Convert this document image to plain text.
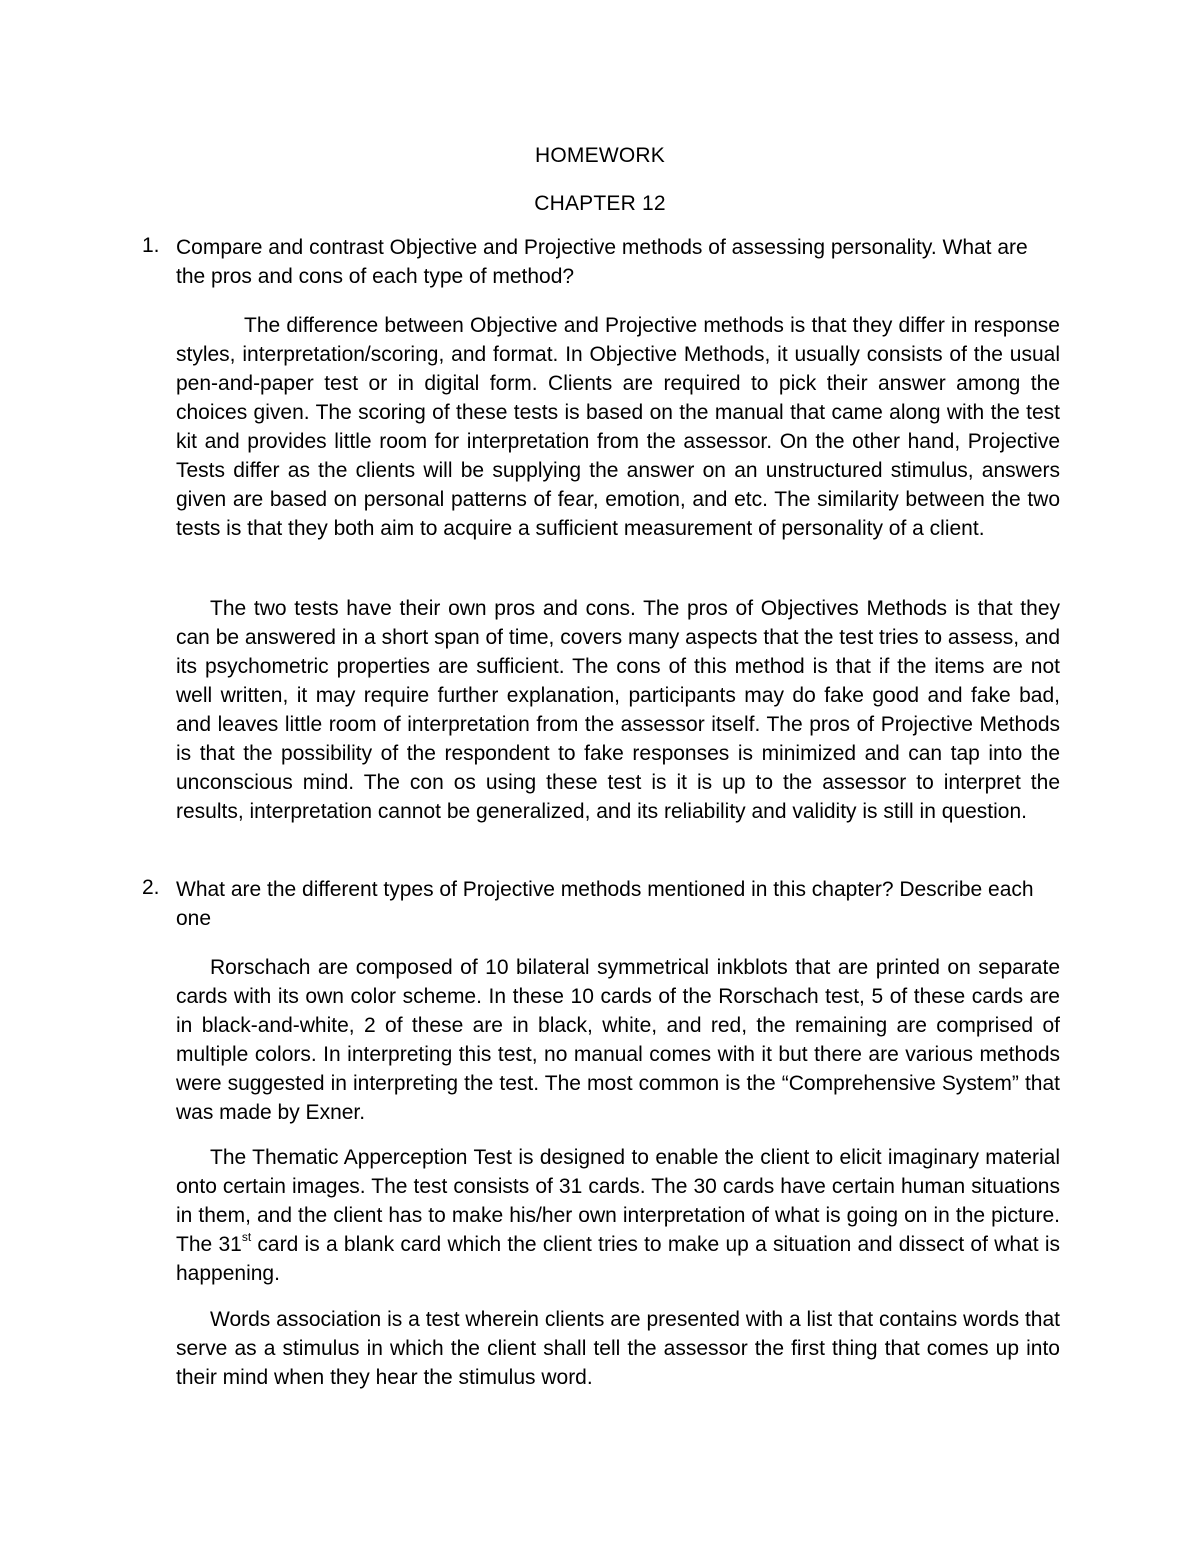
HOMEWORK
CHAPTER 12
1. Compare and contrast Objective and Projective methods of assessing personality. What are the pros and cons of each type of method?

The difference between Objective and Projective methods is that they differ in response styles, interpretation/scoring, and format. In Objective Methods, it usually consists of the usual pen-and-paper test or in digital form. Clients are required to pick their answer among the choices given. The scoring of these tests is based on the manual that came along with the test kit and provides little room for interpretation from the assessor. On the other hand, Projective Tests differ as the clients will be supplying the answer on an unstructured stimulus, answers given are based on personal patterns of fear, emotion, and etc. The similarity between the two tests is that they both aim to acquire a sufficient measurement of personality of a client.

The two tests have their own pros and cons. The pros of Objectives Methods is that they can be answered in a short span of time, covers many aspects that the test tries to assess, and its psychometric properties are sufficient. The cons of this method is that if the items are not well written, it may require further explanation, participants may do fake good and fake bad, and leaves little room of interpretation from the assessor itself. The pros of Projective Methods is that the possibility of the respondent to fake responses is minimized and can tap into the unconscious mind. The con os using these test is it is up to the assessor to interpret the results, interpretation cannot be generalized, and its reliability and validity is still in question.

2. What are the different types of Projective methods mentioned in this chapter? Describe each one

Rorschach are composed of 10 bilateral symmetrical inkblots that are printed on separate cards with its own color scheme. In these 10 cards of the Rorschach test, 5 of these cards are in black-and-white, 2 of these are in black, white, and red, the remaining are comprised of multiple colors. In interpreting this test, no manual comes with it but there are various methods were suggested in interpreting the test. The most common is the “Comprehensive System” that was made by Exner.

The Thematic Apperception Test is designed to enable the client to elicit imaginary material onto certain images. The test consists of 31 cards. The 30 cards have certain human situations in them, and the client has to make his/her own interpretation of what is going on in the picture. The 31st card is a blank card which the client tries to make up a situation and dissect of what is happening.

Words association is a test wherein clients are presented with a list that contains words that serve as a stimulus in which the client shall tell the assessor the first thing that comes up into their mind when they hear the stimulus word.
